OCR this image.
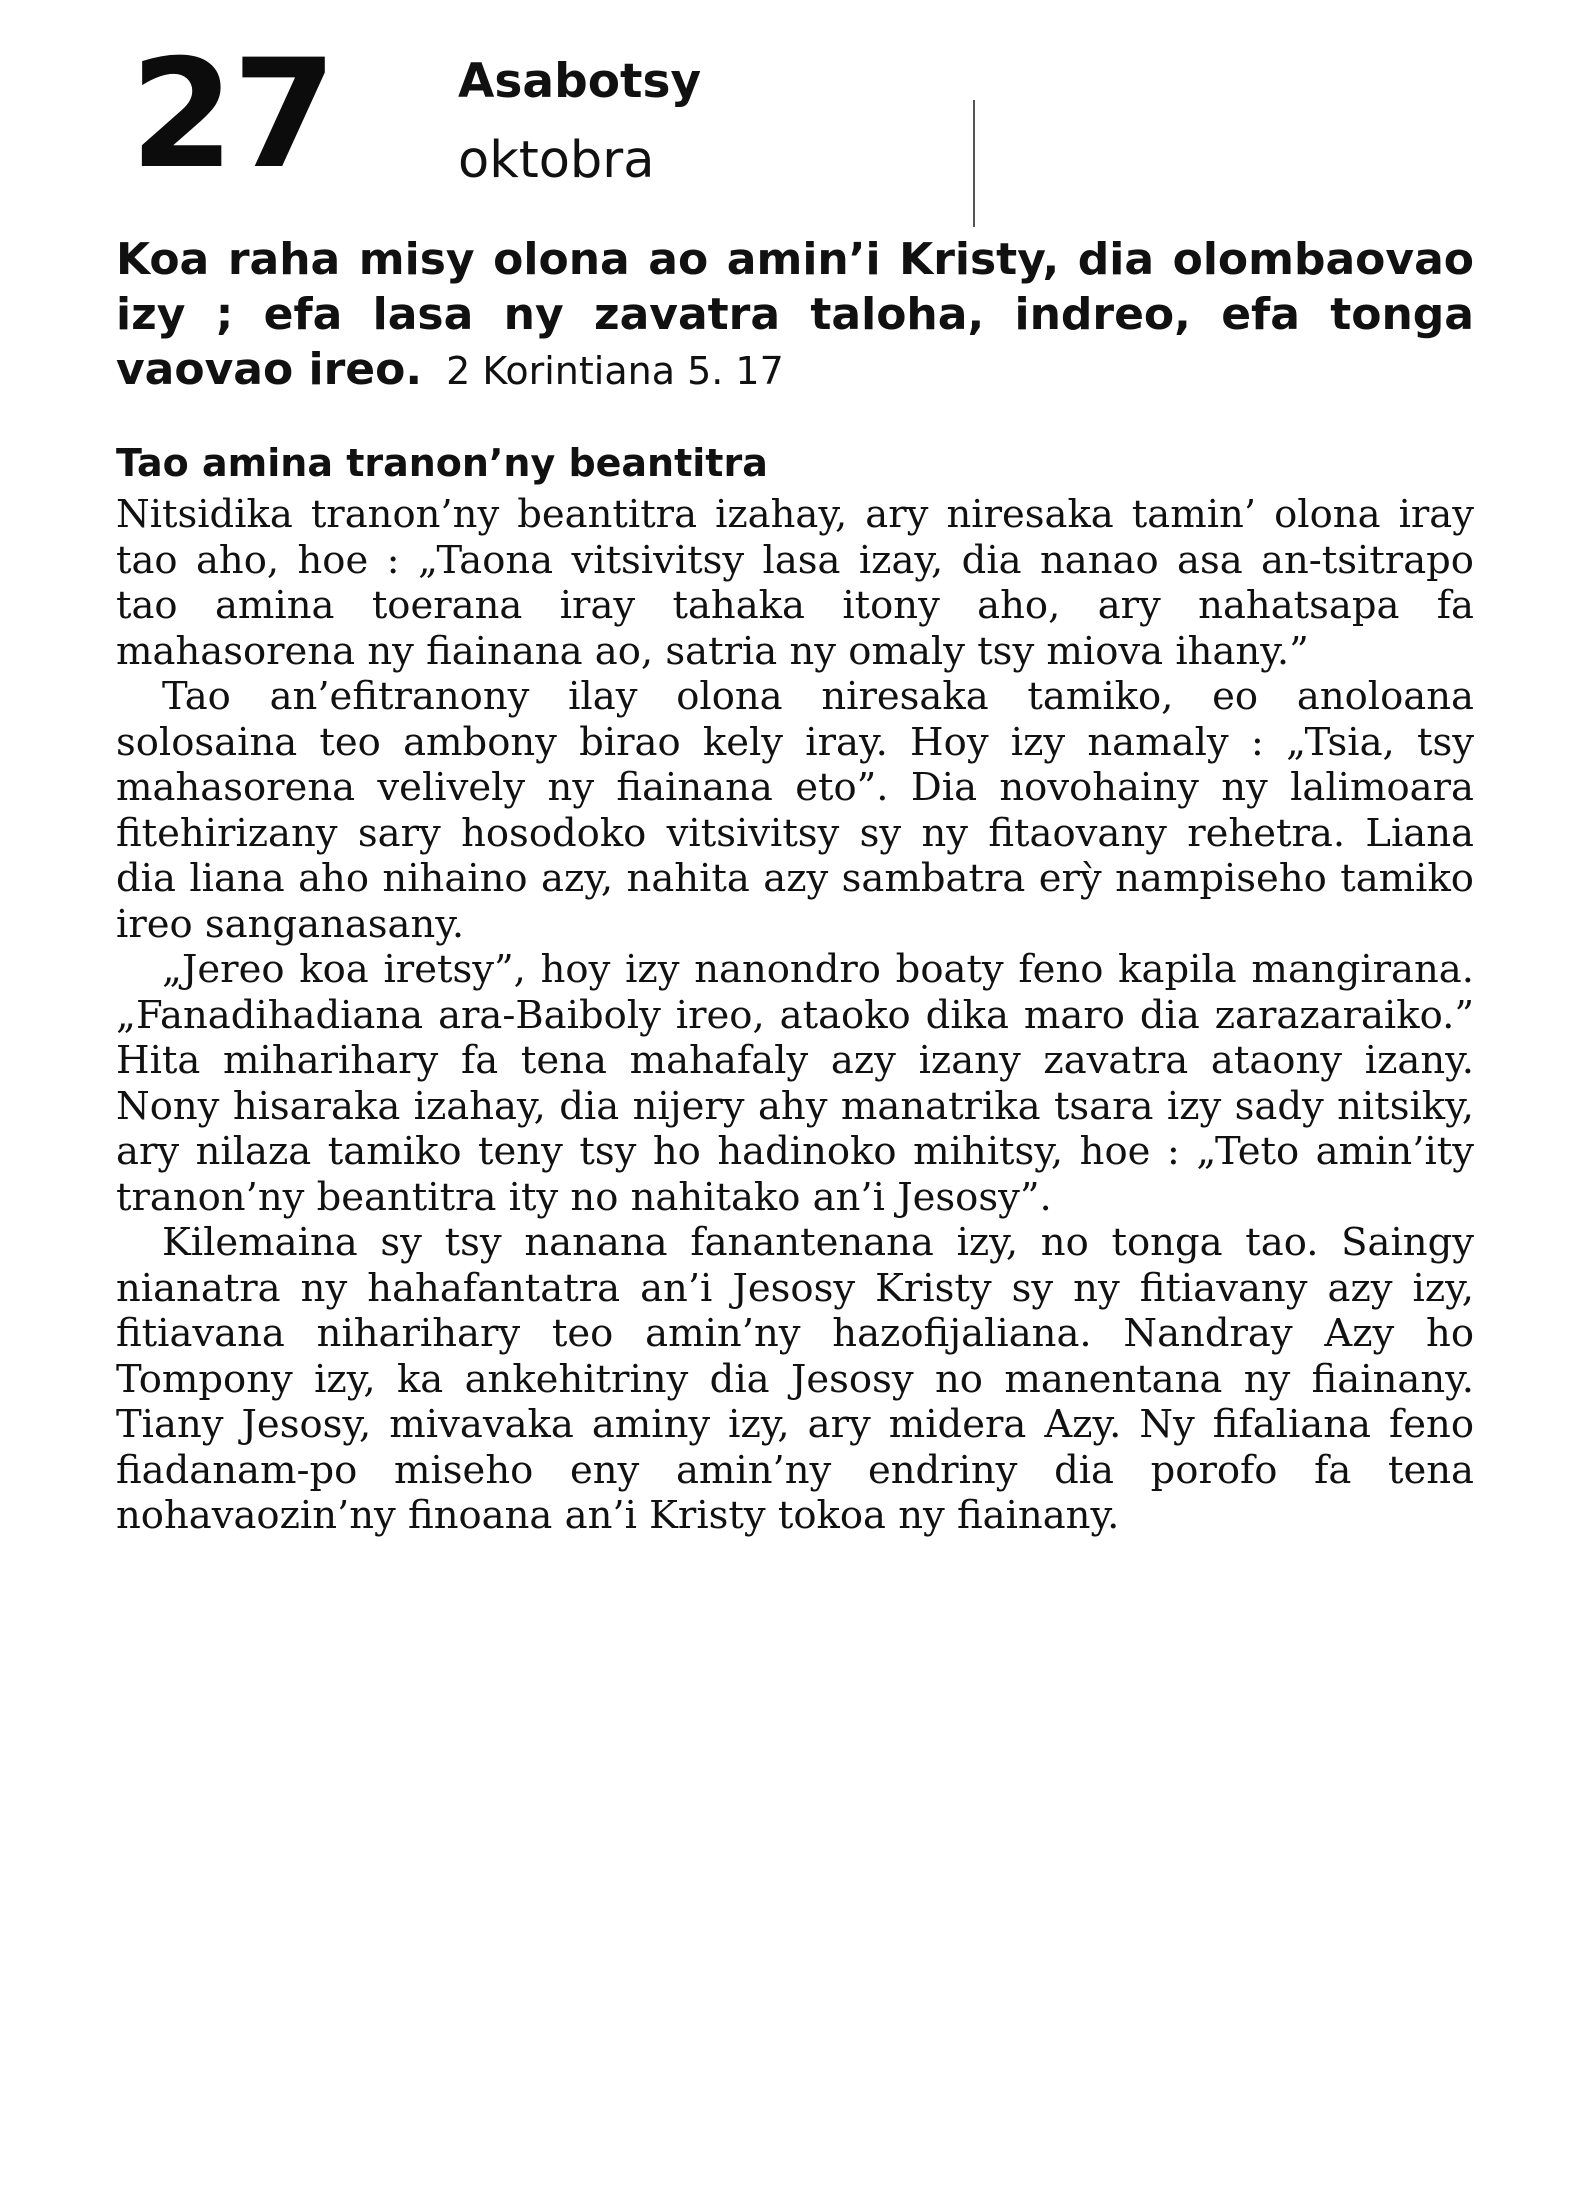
27	Asabotsy
oktobra
Koa raha misy olona ao amin’i Kristy, dia olombaovao izy ; efa lasa ny zavatra taloha, indreo, efa tonga vaovao ireo. 2 Korintiana 5. 17
Tao amina tranon’ny beantitra

Nitsidika tranon’ny beantitra izahay, ary niresaka tamin’ olona iray tao aho, hoe : „Taona vitsivitsy lasa izay, dia nanao asa an-tsitrapo tao amina toerana iray tahaka itony aho, ary nahatsapa fa mahasorena ny fiainana ao, satria ny omaly tsy miova ihany.”

Tao an’efitranony ilay olona niresaka tamiko, eo anoloana solosaina teo ambony birao kely iray. Hoy izy namaly : „Tsia, tsy mahasorena velively ny fiainana eto”. Dia novohainy ny lalimoara fitehirizany sary hosodoko vitsivitsy sy ny fitaovany rehetra. Liana dia liana aho nihaino azy, nahita azy sambatra erỳ nampiseho tamiko ireo sanganasany.

„Jereo koa iretsy”, hoy izy nanondro boaty feno kapila mangirana. „Fanadihadiana ara-Baiboly ireo, ataoko dika maro dia zarazaraiko.” Hita miharihary fa tena mahafaly azy izany zavatra ataony izany. Nony hisaraka izahay, dia nijery ahy manatrika tsara izy sady nitsiky, ary nilaza tamiko teny tsy ho hadinoko mihitsy, hoe : „Teto amin’ity tranon’ny beantitra ity no nahitako an’i Jesosy”.

Kilemaina sy tsy nanana fanantenana izy, no tonga tao. Saingy nianatra ny hahafantatra an’i Jesosy Kristy sy ny fitiavany azy izy, fitiavana niharihary teo amin’ny hazofijaliana. Nandray Azy ho Tompony izy, ka ankehitriny dia Jesosy no manentana ny fiainany. Tiany Jesosy, mivavaka aminy izy, ary midera Azy. Ny fifaliana feno fiadanam-po miseho eny amin’ny endriny dia porofo fa tena nohavaozin’ny finoana an’i Kristy tokoa ny fiainany.
